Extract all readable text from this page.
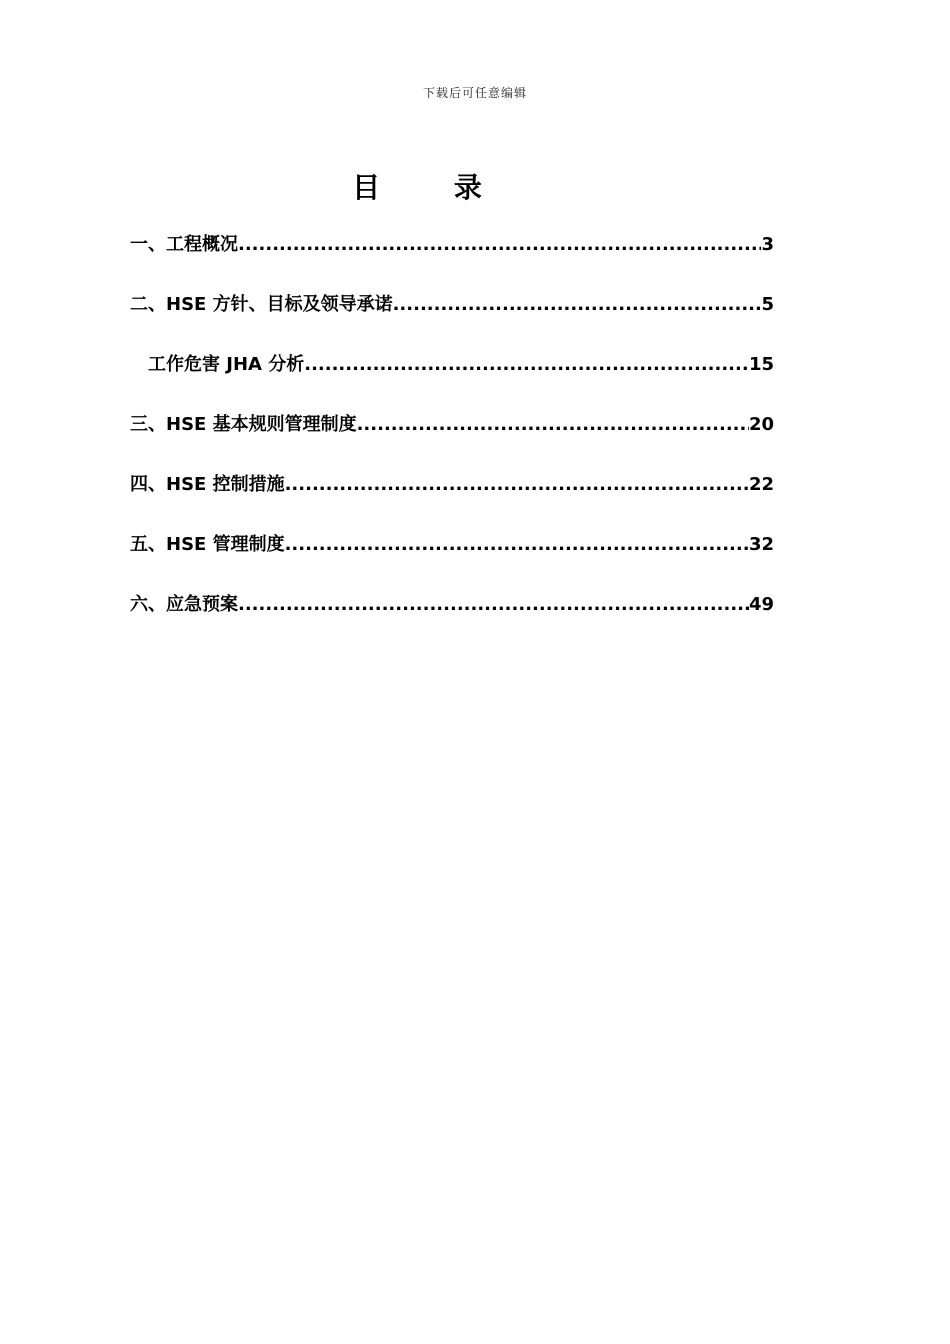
下载后可任意编辑
目 录
一、工程概况 .....	3
二、HSE 方针、目标及领导承诺 .....	5
工作危害 JHA 分析 .....	15
三、HSE 基本规则管理制度 .....	20
四、HSE 控制措施 .....	22
五、HSE 管理制度 .....	32
六、应急预案 .....	49
